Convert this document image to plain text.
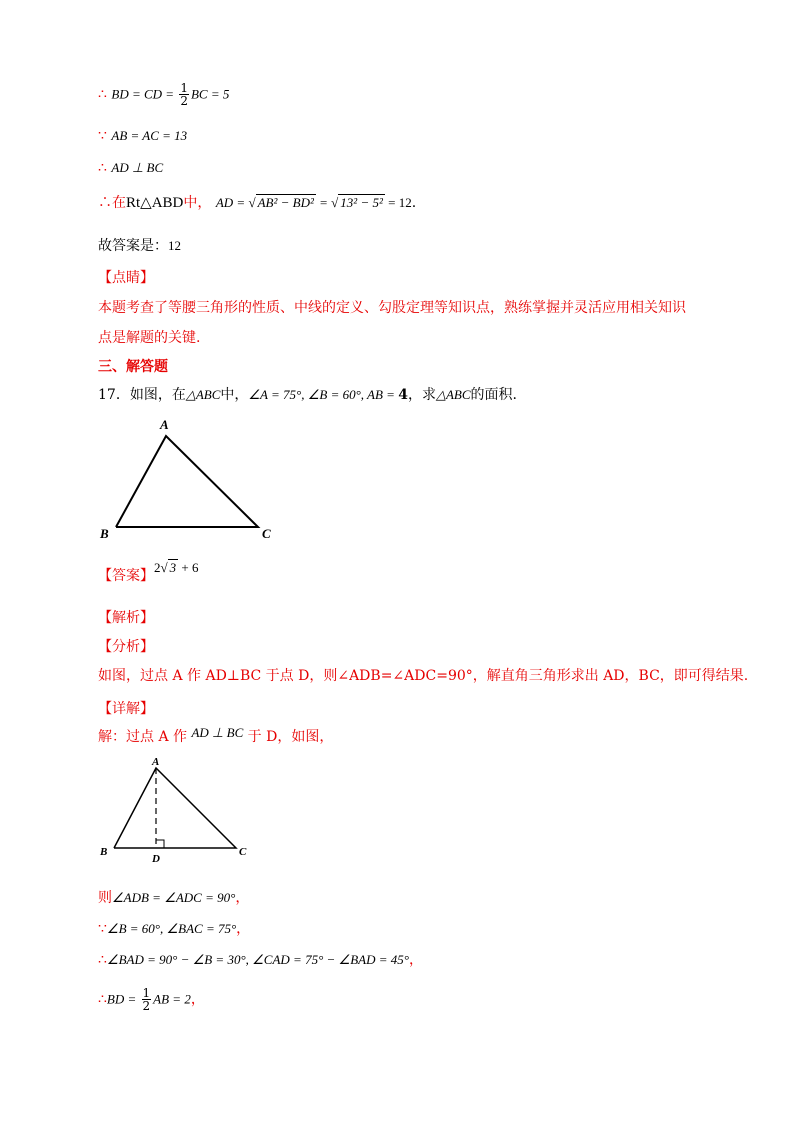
∴ BD = CD = $\frac{1}{2}$ BC = 5
∵ AB = AC = 13
∴ AD ⊥ BC
∴在Rt△ABD中， AD = √ AB² − BD² = √ 13² − 5² = 12.
故答案是：12
【点睛】
本题考查了等腰三角形的性质、中线的定义、勾股定理等知识点，熟练掌握并灵活应用相关知识
点是解题的关键.
三、解答题
17．如图，在△ABC中，∠A = 75°, ∠B = 60°, AB = 4，求△ABC的面积.
A
B	C
【答案】2√ 3 + 6
【解析】
【分析】
如图，过点 A 作 AD⊥BC 于点 D，则∠ADB=∠ADC=90°，解直角三角形求出 AD，BC，即可得结果.
【详解】
解：过点 A 作 AD ⊥ BC 于 D，如图，
A
B	C
D
则∠ADB = ∠ADC = 90°，
∵∠B = 60°, ∠BAC = 75°，
∴∠BAD = 90° − ∠B = 30°, ∠CAD = 75° − ∠BAD = 45°，
∴BD = $\frac{1}{2}$ AB = 2，
